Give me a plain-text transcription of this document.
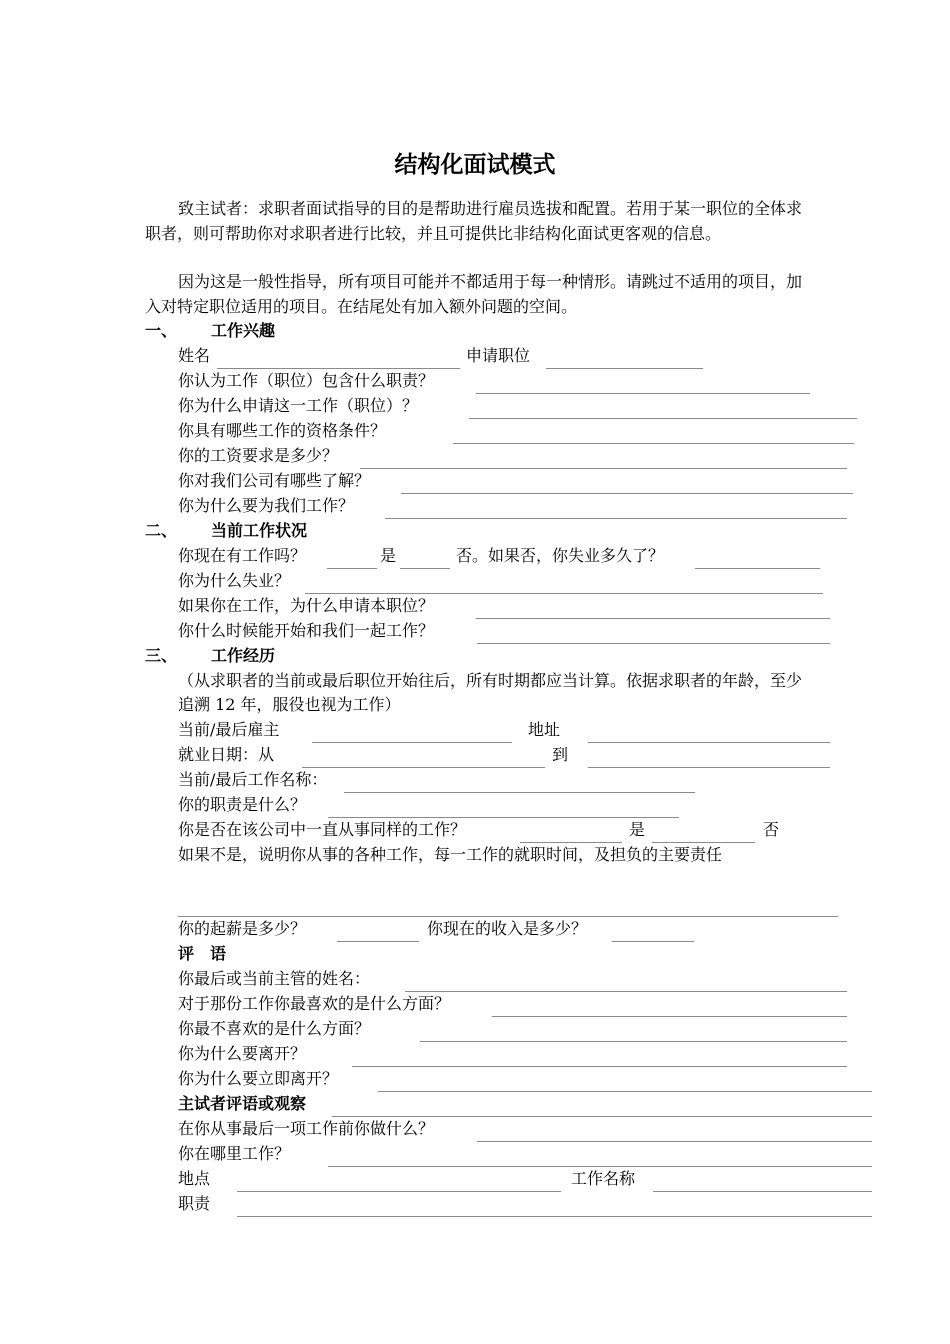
结构化面试模式
致主试者：求职者面试指导的目的是帮助进行雇员选拔和配置。若用于某一职位的全体求职者，则可帮助你对求职者进行比较，并且可提供比非结构化面试更客观的信息。
因为这是一般性指导，所有项目可能并不都适用于每一种情形。请跳过不适用的项目，加入对特定职位适用的项目。在结尾处有加入额外问题的空间。
一、 工作兴趣
姓名	申请职位
你认为工作（职位）包含什么职责？
你为什么申请这一工作（职位）？
你具有哪些工作的资格条件？
你的工资要求是多少？
你对我们公司有哪些了解？
你为什么要为我们工作？
二、 当前工作状况
你现在有工作吗？	是	否。如果否，你失业多久了？
你为什么失业？
如果你在工作，为什么申请本职位？
你什么时候能开始和我们一起工作？
三、 工作经历
（从求职者的当前或最后职位开始往后，所有时期都应当计算。依据求职者的年龄，至少追溯 12 年，服役也视为工作）
当前/最后雇主	地址
就业日期：从	到
当前/最后工作名称：
你的职责是什么？
你是否在该公司中一直从事同样的工作？	是	否
如果不是，说明你从事的各种工作，每一工作的就职时间，及担负的主要责任
你的起薪是多少？	你现在的收入是多少？
评　语
你最后或当前主管的姓名：
对于那份工作你最喜欢的是什么方面？
你最不喜欢的是什么方面？
你为什么要离开？
你为什么要立即离开？
主试者评语或观察
在你从事最后一项工作前你做什么？
你在哪里工作？
地点	工作名称
职责
